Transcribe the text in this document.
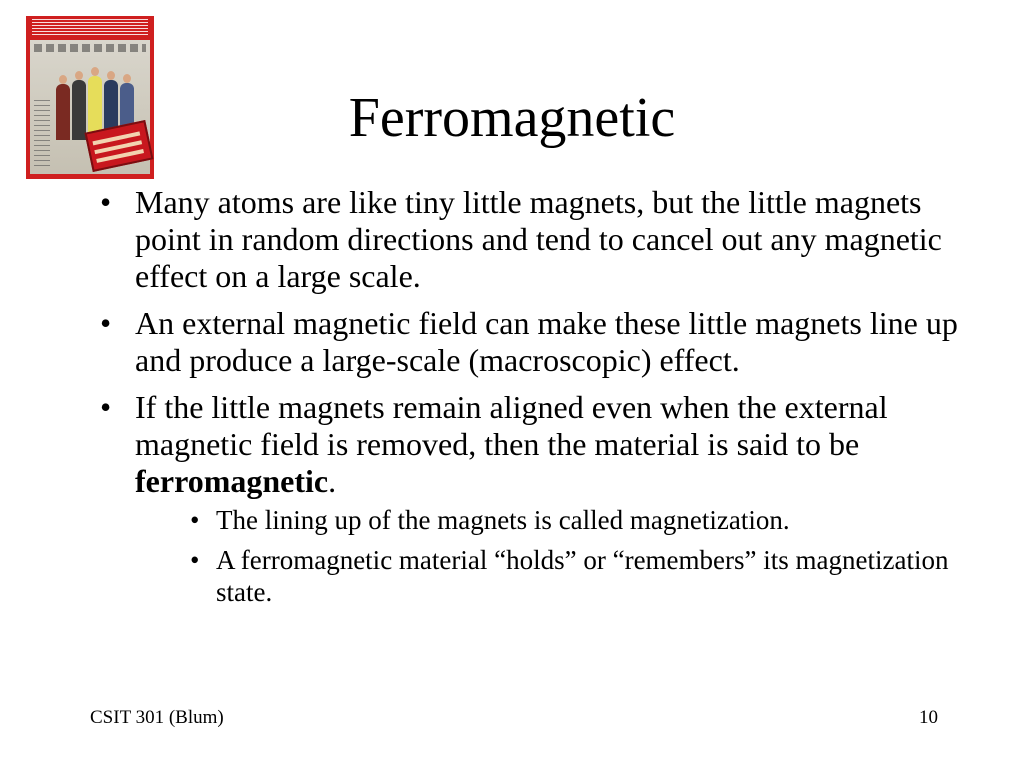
Ferromagnetic
• Many atoms are like tiny little magnets, but the little magnets point in random directions and tend to cancel out any magnetic effect on a large scale.
• An external magnetic field can make these little magnets line up and produce a large-scale (macroscopic) effect.
• If the little magnets remain aligned even when the external magnetic field is removed, then the material is said to be ferromagnetic.
• The lining up of the magnets is called magnetization.
• A ferromagnetic material “holds” or “remembers” its magnetization state.
CSIT 301 (Blum)	10
